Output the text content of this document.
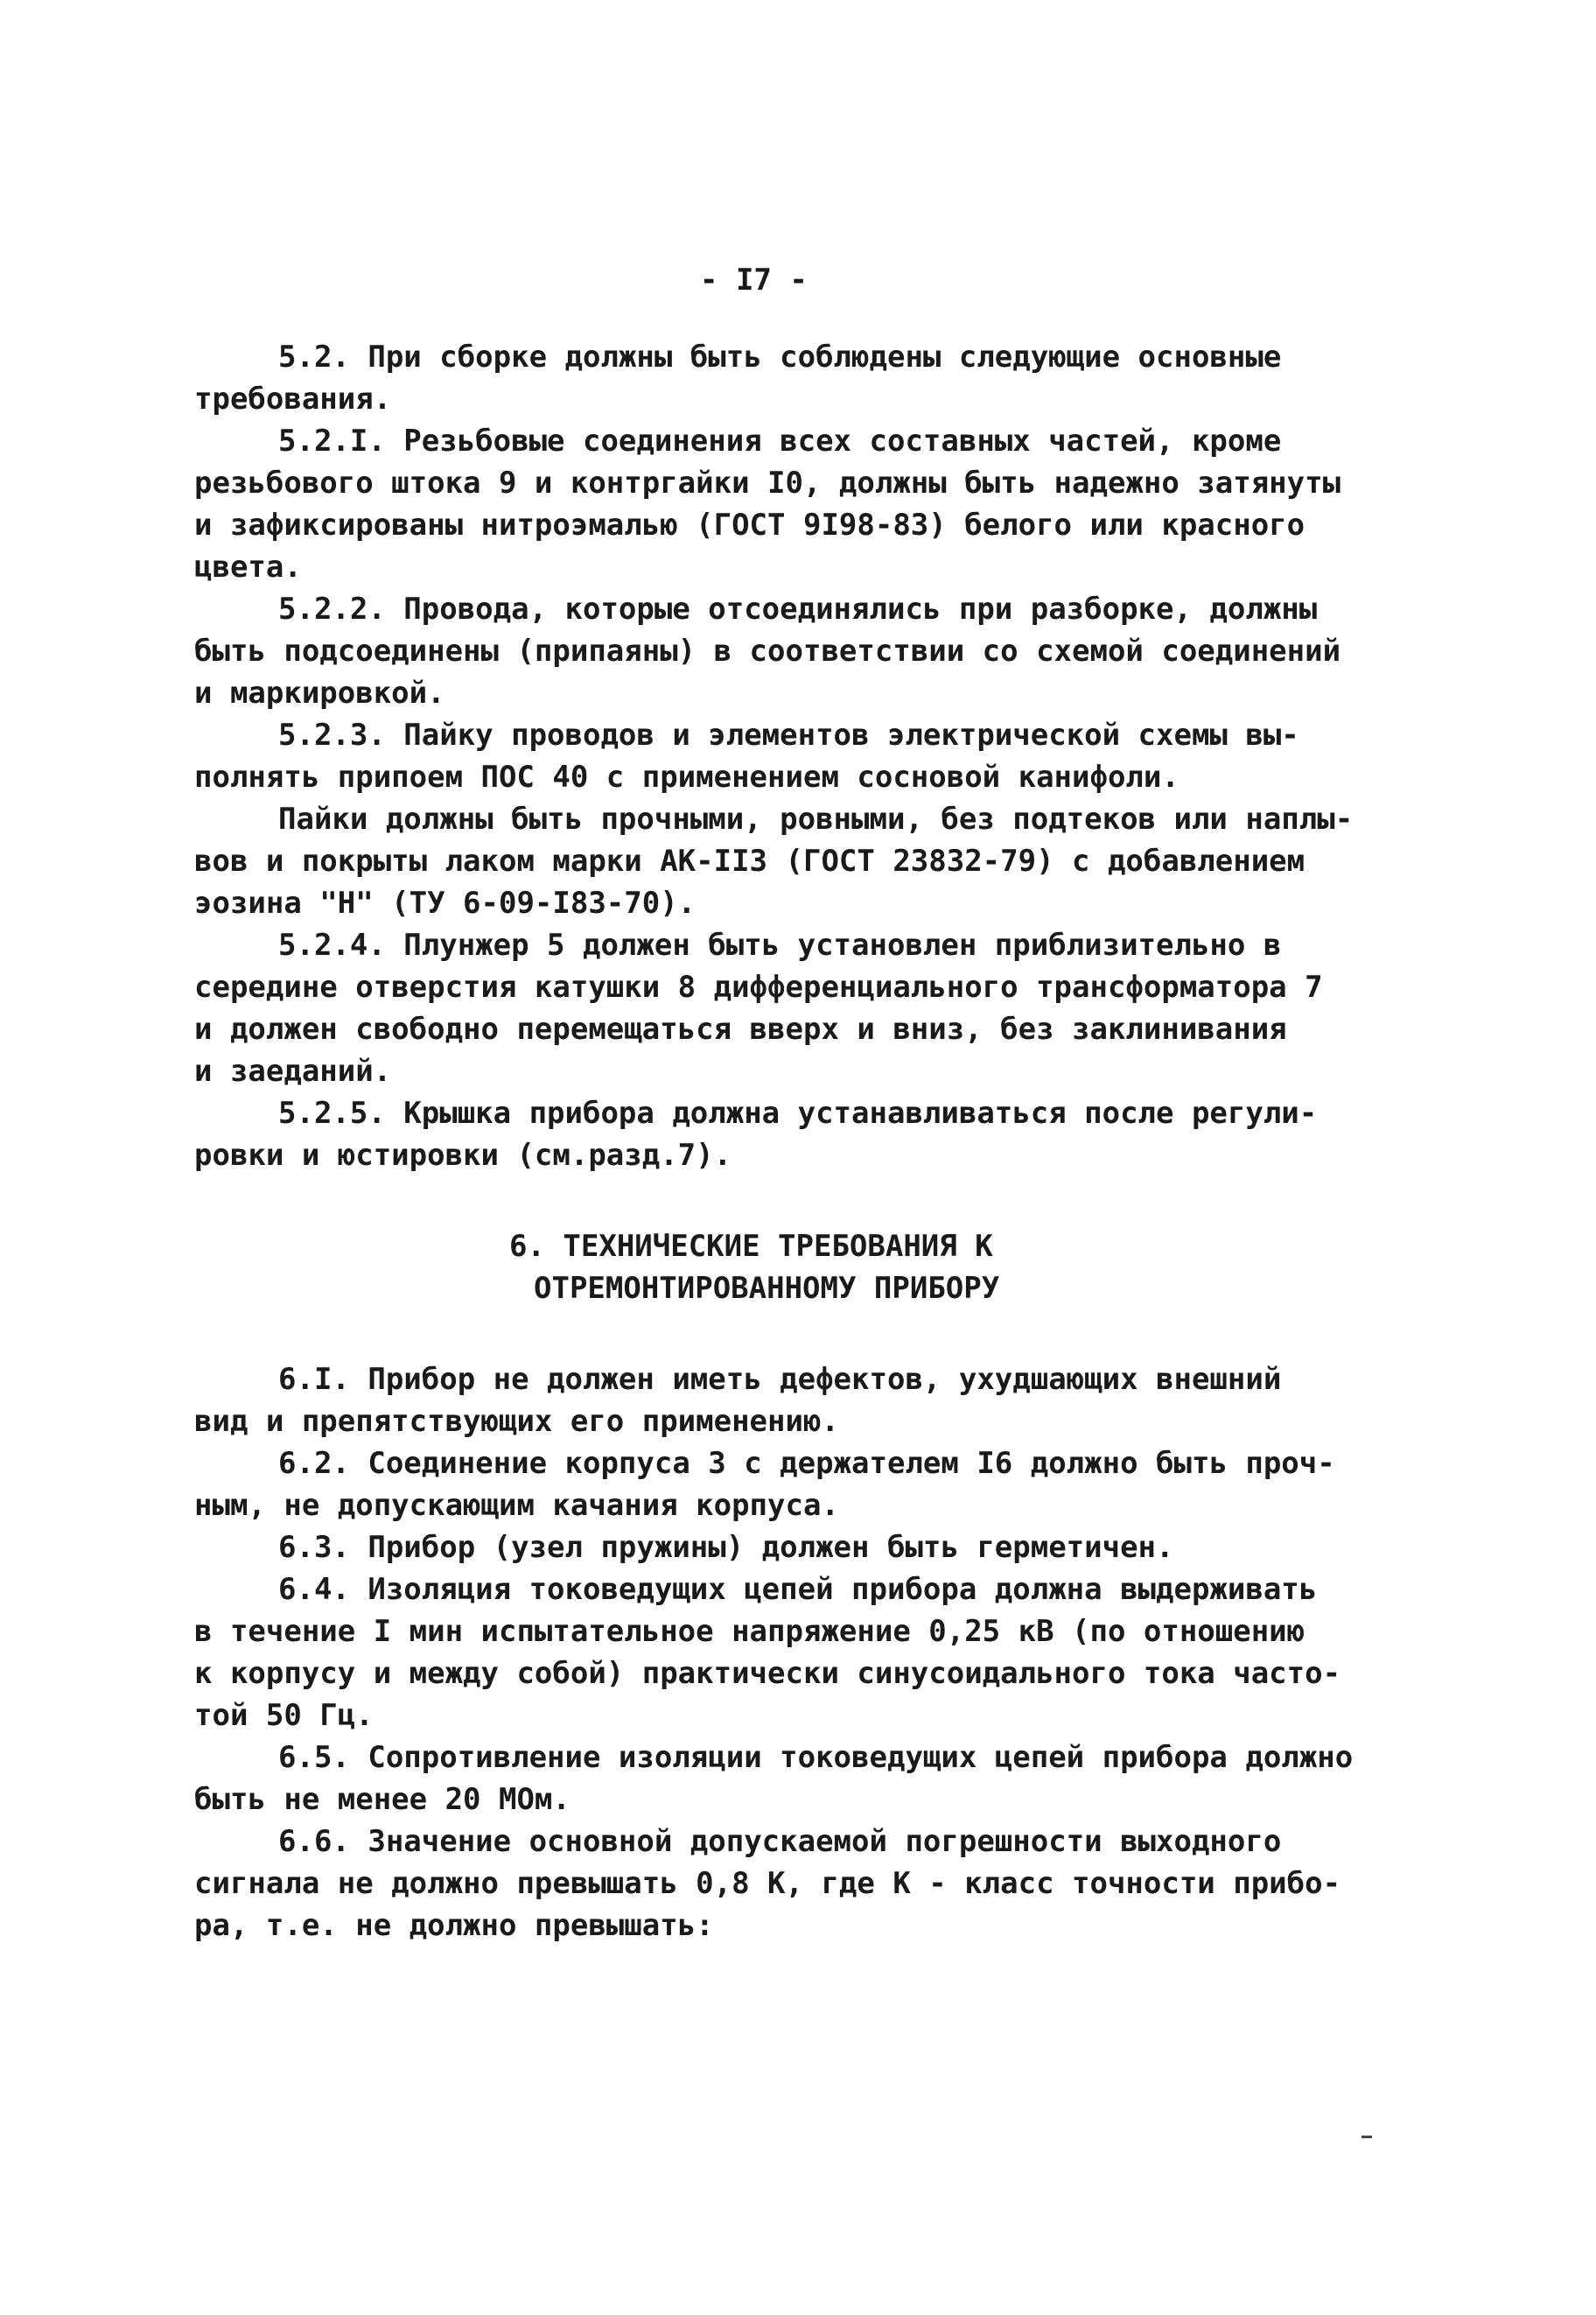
- I7 -
5.2. При сборке должны быть соблюдены следующие основные
требования.
5.2.I. Резьбовые соединения всех составных частей, кроме
резьбового штока 9 и контргайки I0, должны быть надежно затянуты
и зафиксированы нитроэмалью (ГОСТ 9I98-83) белого или красного
цвета.
5.2.2. Провода, которые отсоединялись при разборке, должны
быть подсоединены (припаяны) в соответствии со схемой соединений
и маркировкой.
5.2.3. Пайку проводов и элементов электрической схемы вы-
полнять припоем ПОС 40 с применением сосновой канифоли.
Пайки должны быть прочными, ровными, без подтеков или наплы-
вов и покрыты лаком марки АК-II3 (ГОСТ 23832-79) с добавлением
эозина "Н" (ТУ 6-09-I83-70).
5.2.4. Плунжер 5 должен быть установлен приблизительно в
середине отверстия катушки 8 дифференциального трансформатора 7
и должен свободно перемещаться вверх и вниз, без заклинивания
и заеданий.
5.2.5. Крышка прибора должна устанавливаться после регули-
ровки и юстировки (см.разд.7).
6. ТЕХНИЧЕСКИЕ ТРЕБОВАНИЯ К
ОТРЕМОНТИРОВАННОМУ ПРИБОРУ
6.I. Прибор не должен иметь дефектов, ухудшающих внешний
вид и препятствующих его применению.
6.2. Соединение корпуса 3 с держателем I6 должно быть проч-
ным, не допускающим качания корпуса.
6.3. Прибор (узел пружины) должен быть герметичен.
6.4. Изоляция токоведущих цепей прибора должна выдерживать
в течение I мин испытательное напряжение 0,25 кВ (по отношению
к корпусу и между собой) практически синусоидального тока часто-
той 50 Гц.
6.5. Сопротивление изоляции токоведущих цепей прибора должно
быть не менее 20 МОм.
6.6. Значение основной допускаемой погрешности выходного
сигнала не должно превышать 0,8 К, где К - класс точности прибо-
ра, т.е. не должно превышать:
